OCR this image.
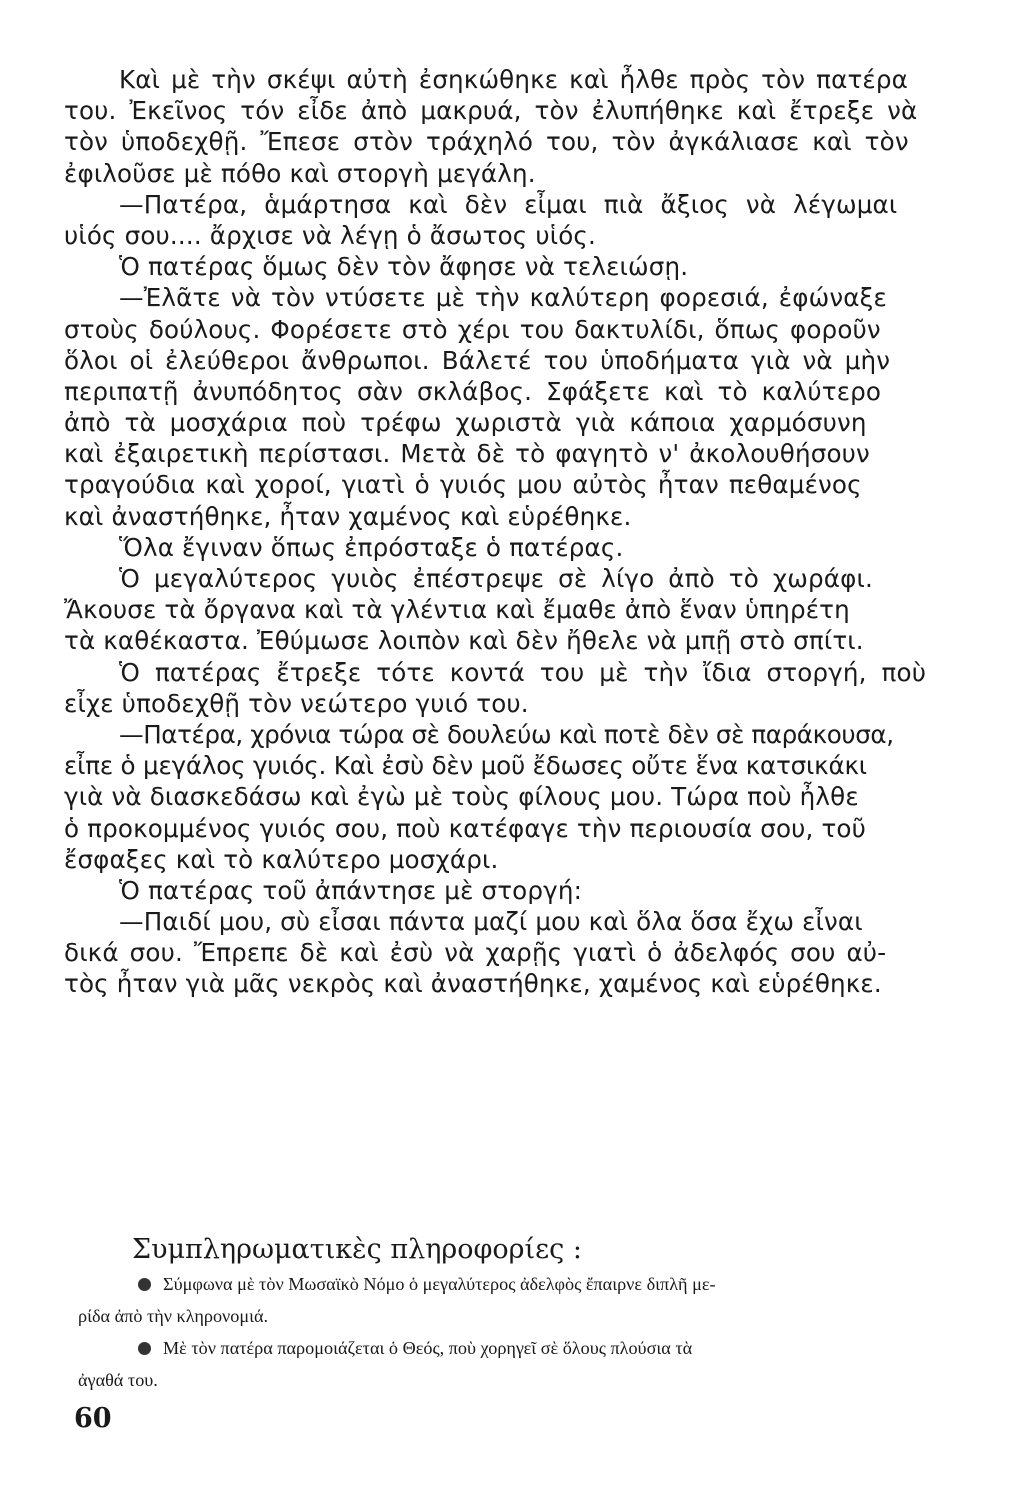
Καὶ μὲ τὴν σκέψι αὐτὴ ἐσηκώθηκε καὶ ἦλθε πρὸς τὸν πατέρα

του. Ἐκεῖνος τόν εἶδε ἀπὸ μακρυά, τὸν ἐλυπήθηκε καὶ ἔτρεξε νὰ

τὸν ὑποδεχθῇ. Ἔπεσε στὸν τράχηλό του, τὸν ἀγκάλιασε καὶ τὸν

ἐφιλοῦσε μὲ πόθο καὶ στοργὴ μεγάλη.

—Πατέρα, ἁμάρτησα καὶ δὲν εἶμαι πιὰ ἄξιος νὰ λέγωμαι

υἱός σου.... ἄρχισε νὰ λέγῃ ὁ ἄσωτος υἱός.

Ὁ πατέρας ὅμως δὲν τὸν ἄφησε νὰ τελειώσῃ.

—Ἐλᾶτε νὰ τὸν ντύσετε μὲ τὴν καλύτερη φορεσιά, ἐφώναξε

στοὺς δούλους. Φορέσετε στὸ χέρι του δακτυλίδι, ὅπως φοροῦν

ὅλοι οἱ ἐλεύθεροι ἄνθρωποι. Βάλετέ του ὑποδήματα γιὰ νὰ μὴν

περιπατῇ ἀνυπόδητος σὰν σκλάβος. Σφάξετε καὶ τὸ καλύτερο

ἀπὸ τὰ μοσχάρια ποὺ τρέφω χωριστὰ γιὰ κάποια χαρμόσυνη

καὶ ἐξαιρετικὴ περίστασι. Μετὰ δὲ τὸ φαγητὸ ν' ἀκολουθήσουν

τραγούδια καὶ χοροί, γιατὶ ὁ γυιός μου αὐτὸς ἦταν πεθαμένος

καὶ ἀναστήθηκε, ἦταν χαμένος καὶ εὑρέθηκε.

Ὅλα ἔγιναν ὅπως ἐπρόσταξε ὁ πατέρας.

Ὁ μεγαλύτερος γυιὸς ἐπέστρεψε σὲ λίγο ἀπὸ τὸ χωράφι.

Ἄκουσε τὰ ὄργανα καὶ τὰ γλέντια καὶ ἔμαθε ἀπὸ ἕναν ὑπηρέτη

τὰ καθέκαστα. Ἐθύμωσε λοιπὸν καὶ δὲν ἤθελε νὰ μπῇ στὸ σπίτι.

Ὁ πατέρας ἔτρεξε τότε κοντά του μὲ τὴν ἴδια στοργή, ποὺ

εἶχε ὑποδεχθῇ τὸν νεώτερο γυιό του.

—Πατέρα, χρόνια τώρα σὲ δουλεύω καὶ ποτὲ δὲν σὲ παράκουσα,

εἶπε ὁ μεγάλος γυιός. Καὶ ἐσὺ δὲν μοῦ ἔδωσες οὔτε ἕνα κατσικάκι

γιὰ νὰ διασκεδάσω καὶ ἐγὼ μὲ τοὺς φίλους μου. Τώρα ποὺ ἦλθε

ὁ προκομμένος γυιός σου, ποὺ κατέφαγε τὴν περιουσία σου, τοῦ

ἔσφαξες καὶ τὸ καλύτερο μοσχάρι.

Ὁ πατέρας τοῦ ἀπάντησε μὲ στοργή:

—Παιδί μου, σὺ εἶσαι πάντα μαζί μου καὶ ὅλα ὅσα ἔχω εἶναι

δικά σου. Ἔπρεπε δὲ καὶ ἐσὺ νὰ χαρῇς γιατὶ ὁ ἀδελφός σου αὐ-

τὸς ἦταν γιὰ μᾶς νεκρὸς καὶ ἀναστήθηκε, χαμένος καὶ εὑρέθηκε.

Συμπληρωματικὲς πληροφορίες :

Σύμφωνα μὲ τὸν Μωσαϊκὸ Νόμο ὁ μεγαλύτερος ἀδελφὸς ἔπαιρνε διπλῆ με-

ρίδα ἀπὸ τὴν κληρονομιά.

Μὲ τὸν πατέρα παρομοιάζεται ὁ Θεός, ποὺ χορηγεῖ σὲ ὅλους πλούσια τὰ

ἀγαθά του.

60
